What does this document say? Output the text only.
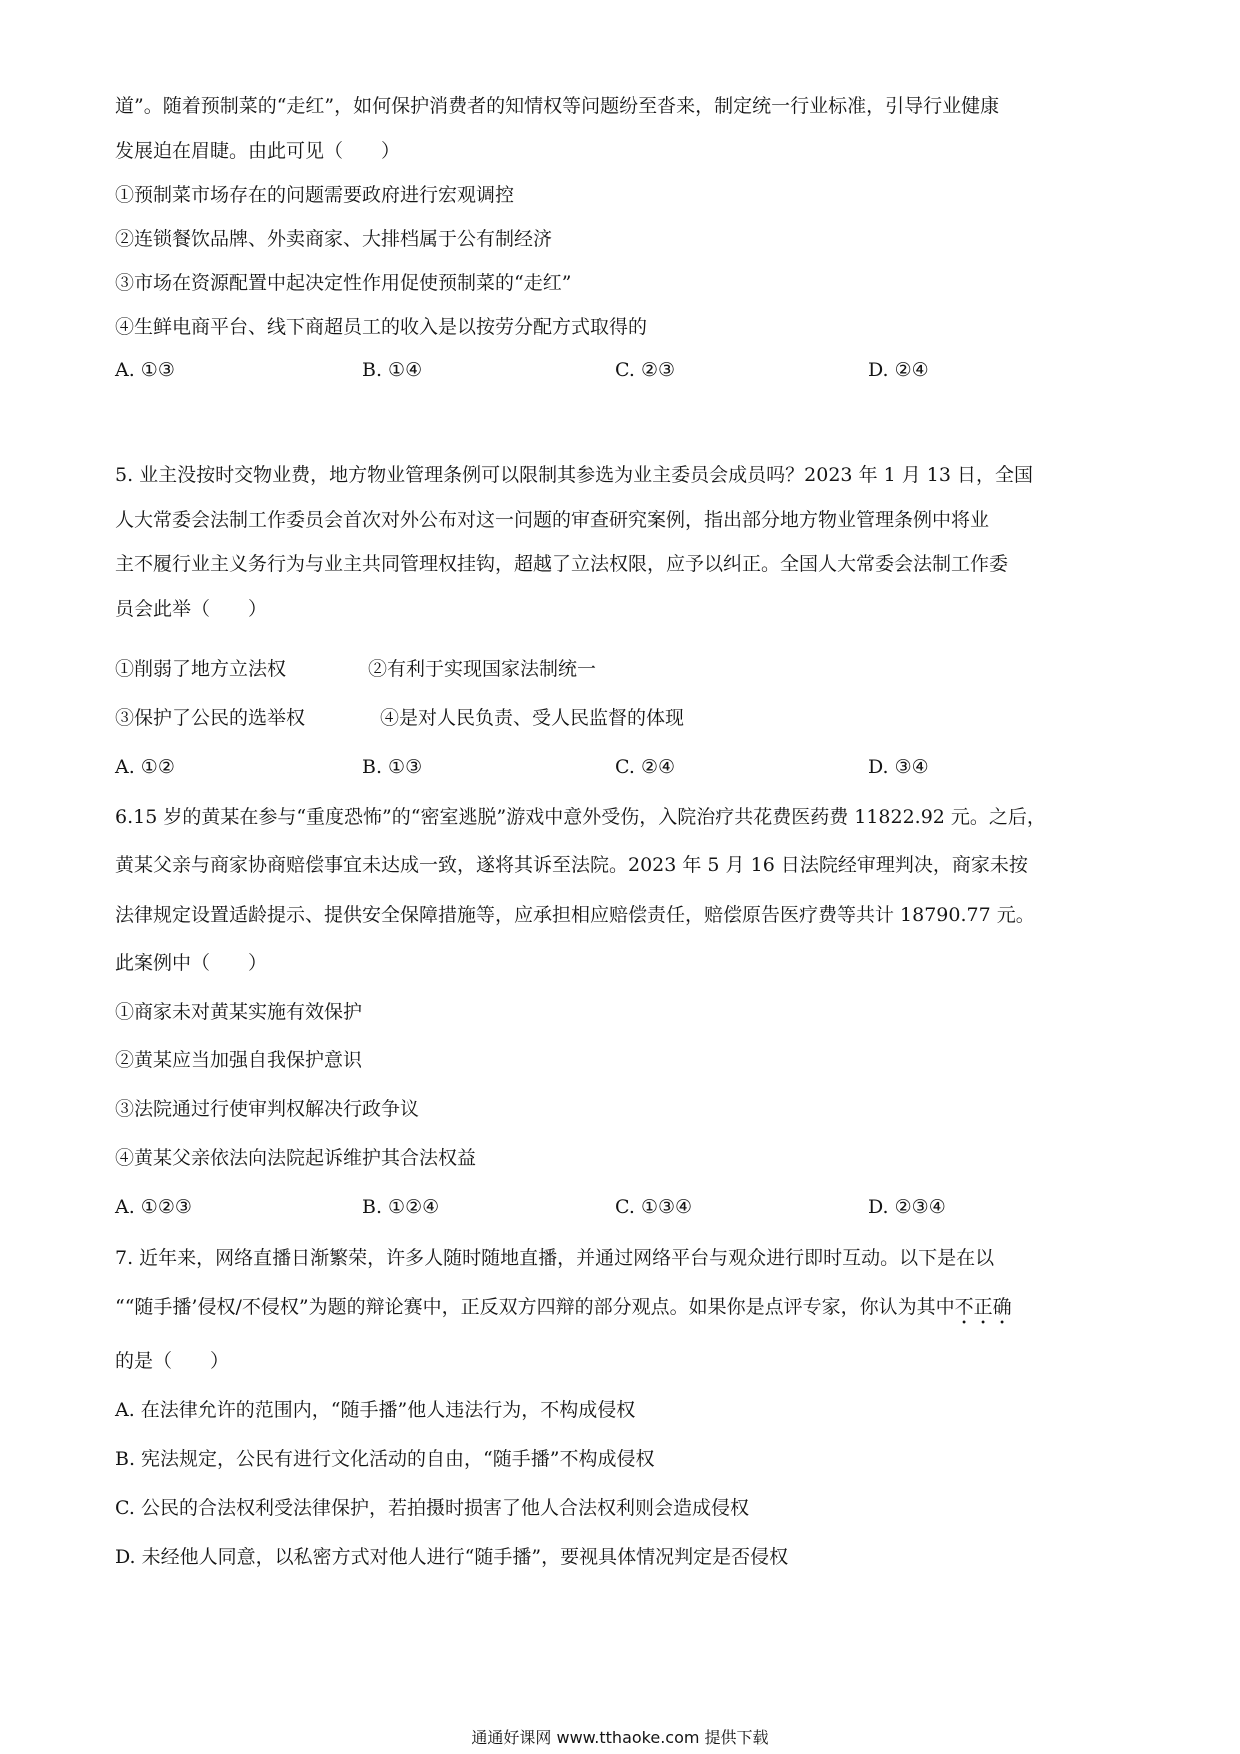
道”。随着预制菜的“走红”，如何保护消费者的知情权等问题纷至沓来，制定统一行业标准，引导行业健康
发展迫在眉睫。由此可见（　　）
①预制菜市场存在的问题需要政府进行宏观调控
②连锁餐饮品牌、外卖商家、大排档属于公有制经济
③市场在资源配置中起决定性作用促使预制菜的“走红”
④生鲜电商平台、线下商超员工的收入是以按劳分配方式取得的
A. ①③	B. ①④	C. ②③	D. ②④
5. 业主没按时交物业费，地方物业管理条例可以限制其参选为业主委员会成员吗？2023 年 1 月 13 日，全国
人大常委会法制工作委员会首次对外公布对这一问题的审查研究案例，指出部分地方物业管理条例中将业
主不履行业主义务行为与业主共同管理权挂钩，超越了立法权限，应予以纠正。全国人大常委会法制工作委
员会此举（　　）
①削弱了地方立法权	②有利于实现国家法制统一
③保护了公民的选举权	④是对人民负责、受人民监督的体现
A. ①②	B. ①③	C. ②④	D. ③④
6.15 岁的黄某在参与“重度恐怖”的“密室逃脱”游戏中意外受伤，入院治疗共花费医药费 11822.92 元。之后，
黄某父亲与商家协商赔偿事宜未达成一致，遂将其诉至法院。2023 年 5 月 16 日法院经审理判决，商家未按
法律规定设置适龄提示、提供安全保障措施等，应承担相应赔偿责任，赔偿原告医疗费等共计 18790.77 元。
此案例中（　　）
①商家未对黄某实施有效保护
②黄某应当加强自我保护意识
③法院通过行使审判权解决行政争议
④黄某父亲依法向法院起诉维护其合法权益
A. ①②③	B. ①②④	C. ①③④	D. ②③④
7. 近年来，网络直播日渐繁荣，许多人随时随地直播，并通过网络平台与观众进行即时互动。以下是在以
““随手播’侵权/不侵权”为题的辩论赛中，正反双方四辩的部分观点。如果你是点评专家，你认为其中不正确
的是（　　）
A. 在法律允许的范围内，“随手播”他人违法行为，不构成侵权
B. 宪法规定，公民有进行文化活动的自由，“随手播”不构成侵权
C. 公民的合法权利受法律保护，若拍摄时损害了他人合法权利则会造成侵权
D. 未经他人同意，以私密方式对他人进行“随手播”，要视具体情况判定是否侵权
通通好课网 www.tthaoke.com 提供下载
